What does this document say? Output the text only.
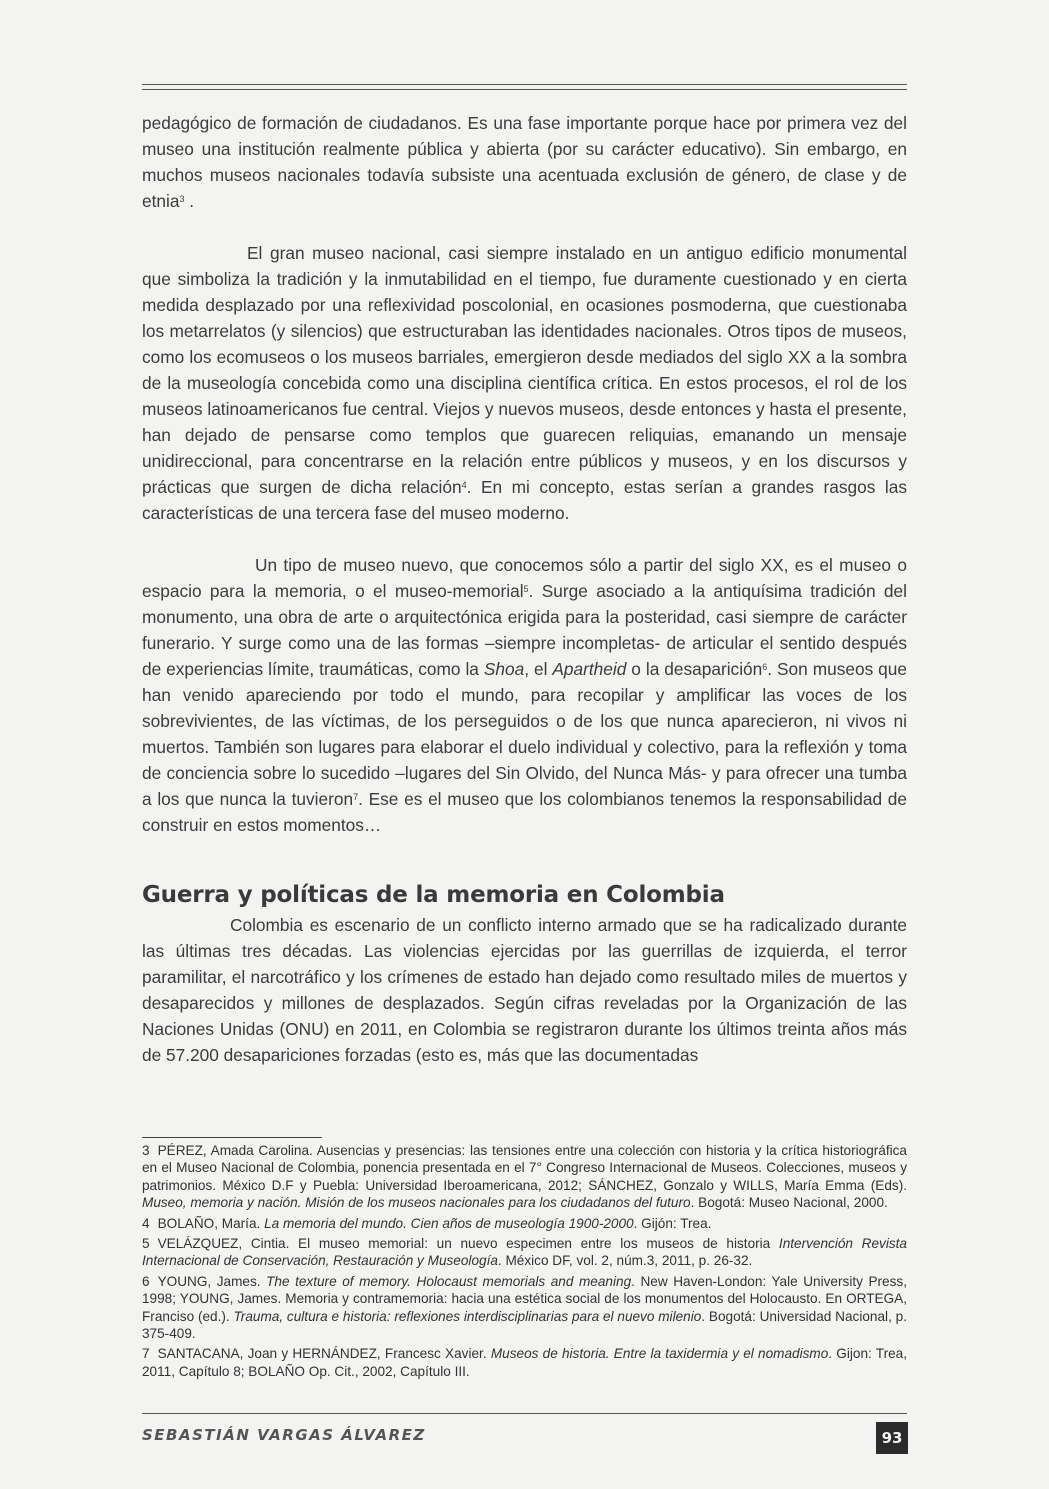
pedagógico de formación de ciudadanos. Es una fase importante porque hace por primera vez del museo una institución realmente pública y abierta (por su carácter educativo). Sin embargo, en muchos museos nacionales todavía subsiste una acentuada exclusión de género, de clase y de etnia$^3$ .

El gran museo nacional, casi siempre instalado en un antiguo edificio monumental que simboliza la tradición y la inmutabilidad en el tiempo, fue duramente cuestionado y en cierta medida desplazado por una reflexividad poscolonial, en ocasiones posmoderna, que cuestionaba los metarrelatos (y silencios) que estructuraban las identidades nacionales. Otros tipos de museos, como los ecomuseos o los museos barriales, emergieron desde mediados del siglo XX a la sombra de la museología concebida como una disciplina científica crítica. En estos procesos, el rol de los museos latinoamericanos fue central. Viejos y nuevos museos, desde entonces y hasta el presente, han dejado de pensarse como templos que guarecen reliquias, emanando un mensaje unidireccional, para concentrarse en la relación entre públicos y museos, y en los discursos y prácticas que surgen de dicha relación$^4$. En mi concepto, estas serían a grandes rasgos las características de una tercera fase del museo moderno.

Un tipo de museo nuevo, que conocemos sólo a partir del siglo XX, es el museo o espacio para la memoria, o el museo-memorial$^5$. Surge asociado a la antiquísima tradición del monumento, una obra de arte o arquitectónica erigida para la posteridad, casi siempre de carácter funerario. Y surge como una de las formas –siempre incompletas- de articular el sentido después de experiencias límite, traumáticas, como la Shoa, el Apartheid o la desaparición$^6$. Son museos que han venido apareciendo por todo el mundo, para recopilar y amplificar las voces de los sobrevivientes, de las víctimas, de los perseguidos o de los que nunca aparecieron, ni vivos ni muertos. También son lugares para elaborar el duelo individual y colectivo, para la reflexión y toma de conciencia sobre lo sucedido –lugares del Sin Olvido, del Nunca Más- y para ofrecer una tumba a los que nunca la tuvieron$^7$. Ese es el museo que los colombianos tenemos la responsabilidad de construir en estos momentos…

Guerra y políticas de la memoria en Colombia

Colombia es escenario de un conflicto interno armado que se ha radicalizado durante las últimas tres décadas. Las violencias ejercidas por las guerrillas de izquierda, el terror paramilitar, el narcotráfico y los crímenes de estado han dejado como resultado miles de muertos y desaparecidos y millones de desplazados. Según cifras reveladas por la Organización de las Naciones Unidas (ONU) en 2011, en Colombia se registraron durante los últimos treinta años más de 57.200 desapariciones forzadas (esto es, más que las documentadas

3 PÉREZ, Amada Carolina. Ausencias y presencias: las tensiones entre una colección con historia y la crítica historiográfica en el Museo Nacional de Colombia, ponencia presentada en el 7° Congreso Internacional de Museos. Colecciones, museos y patrimonios. México D.F y Puebla: Universidad Iberoamericana, 2012; SÁNCHEZ, Gonzalo y WILLS, María Emma (Eds). Museo, memoria y nación. Misión de los museos nacionales para los ciudadanos del futuro. Bogotá: Museo Nacional, 2000.

4 BOLAÑO, María. La memoria del mundo. Cien años de museología 1900-2000. Gijón: Trea.

5 VELÁZQUEZ, Cintia. El museo memorial: un nuevo especimen entre los museos de historia Intervención Revista Internacional de Conservación, Restauración y Museología. México DF, vol. 2, núm.3, 2011, p. 26-32.

6 YOUNG, James. The texture of memory. Holocaust memorials and meaning. New Haven-London: Yale University Press, 1998; YOUNG, James. Memoria y contramemoria: hacia una estética social de los monumentos del Holocausto. En ORTEGA, Franciso (ed.). Trauma, cultura e historia: reflexiones interdisciplinarias para el nuevo milenio. Bogotá: Universidad Nacional, p. 375-409.

7 SANTACANA, Joan y HERNÁNDEZ, Francesc Xavier. Museos de historia. Entre la taxidermia y el nomadismo. Gijon: Trea, 2011, Capítulo 8; BOLAÑO Op. Cit., 2002, Capítulo III.

SEBASTIÁN VARGAS ÁLVAREZ	93
